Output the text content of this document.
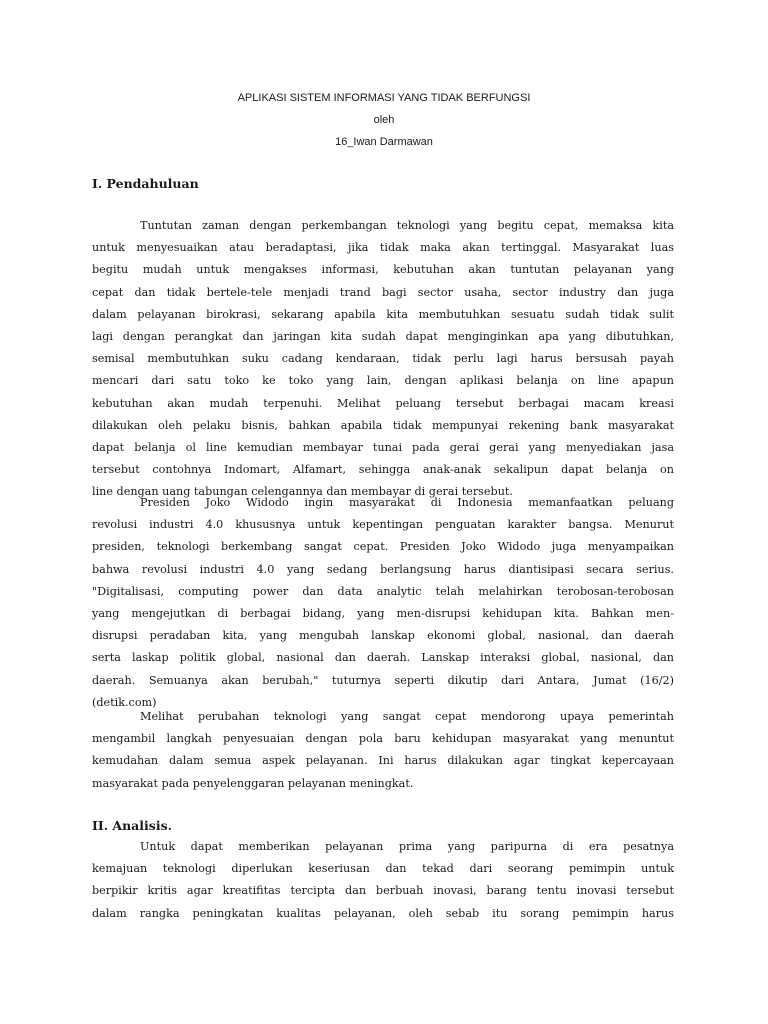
APLIKASI SISTEM INFORMASI YANG TIDAK BERFUNGSI
oleh
16_Iwan Darmawan
I. Pendahuluan
Tuntutan zaman dengan perkembangan teknologi yang begitu cepat, memaksa kita
untuk menyesuaikan atau beradaptasi, jika tidak maka akan tertinggal. Masyarakat luas
begitu mudah untuk mengakses informasi, kebutuhan akan tuntutan pelayanan yang
cepat dan tidak bertele-tele menjadi trand bagi sector usaha, sector industry dan juga
dalam pelayanan birokrasi, sekarang apabila kita membutuhkan sesuatu sudah tidak sulit
lagi dengan perangkat dan jaringan kita sudah dapat menginginkan apa yang dibutuhkan,
semisal membutuhkan suku cadang kendaraan, tidak perlu lagi harus bersusah payah
mencari dari satu toko ke toko yang lain, dengan aplikasi belanja on line apapun
kebutuhan akan mudah terpenuhi. Melihat peluang tersebut berbagai macam kreasi
dilakukan oleh pelaku bisnis, bahkan apabila tidak mempunyai rekening bank masyarakat
dapat belanja ol line kemudian membayar tunai pada gerai gerai yang menyediakan jasa
tersebut contohnya Indomart, Alfamart, sehingga anak-anak sekalipun dapat belanja on
line dengan uang tabungan celengannya dan membayar di gerai tersebut.
Presiden Joko Widodo ingin masyarakat di Indonesia memanfaatkan peluang
revolusi industri 4.0 khususnya untuk kepentingan penguatan karakter bangsa. Menurut
presiden, teknologi berkembang sangat cepat. Presiden Joko Widodo juga menyampaikan
bahwa revolusi industri 4.0 yang sedang berlangsung harus diantisipasi secara serius.
"Digitalisasi, computing power dan data analytic telah melahirkan terobosan-terobosan
yang mengejutkan di berbagai bidang, yang men-disrupsi kehidupan kita. Bahkan men-
disrupsi peradaban kita, yang mengubah lanskap ekonomi global, nasional, dan daerah
serta laskap politik global, nasional dan daerah. Lanskap interaksi global, nasional, dan
daerah. Semuanya akan berubah," tuturnya seperti dikutip dari Antara, Jumat (16/2)
(detik.com)
Melihat perubahan teknologi yang sangat cepat mendorong upaya pemerintah
mengambil langkah penyesuaian dengan pola baru kehidupan masyarakat yang menuntut
kemudahan dalam semua aspek pelayanan. Ini harus dilakukan agar tingkat kepercayaan
masyarakat pada penyelenggaran pelayanan meningkat.
II. Analisis.
Untuk dapat memberikan pelayanan prima yang paripurna di era pesatnya
kemajuan teknologi diperlukan keseriusan dan tekad dari seorang pemimpin untuk
berpikir kritis agar kreatifitas tercipta dan berbuah inovasi, barang tentu inovasi tersebut
dalam rangka peningkatan kualitas pelayanan, oleh sebab itu sorang pemimpin harus
